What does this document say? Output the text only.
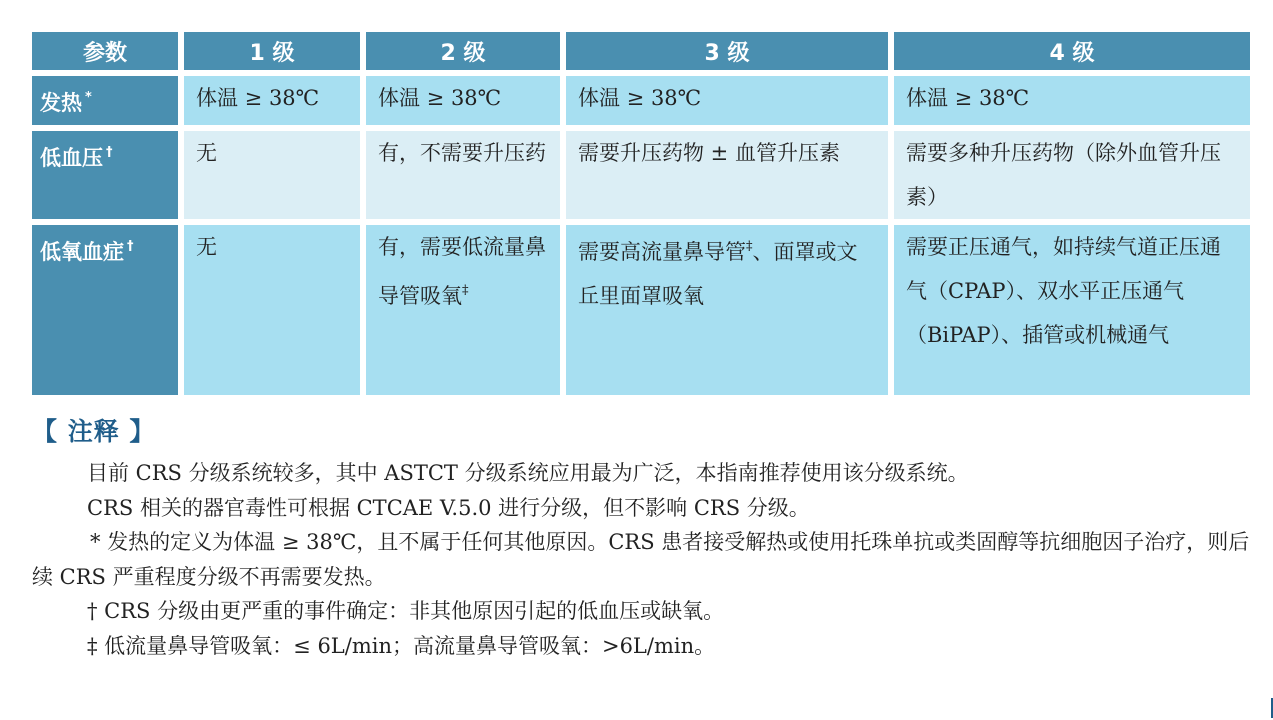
参数	1 级	2 级	3 级	4 级
发热 *	体温 ≥ 38℃	体温 ≥ 38℃	体温 ≥ 38℃	体温 ≥ 38℃
低血压 †	无	有，不需要升压药	需要升压药物 ± 血管升压素	需要多种升压药物（除外血管升压素）
低氧血症 †	无	有，需要低流量鼻导管吸氧‡	需要高流量鼻导管‡、面罩或文丘里面罩吸氧	需要正压通气，如持续气道正压通气（CPAP）、双水平正压通气（BiPAP）、插管或机械通气
【 注释 】

目前 CRS 分级系统较多，其中 ASTCT 分级系统应用最为广泛，本指南推荐使用该分级系统。

CRS 相关的器官毒性可根据 CTCAE V.5.0 进行分级，但不影响 CRS 分级。

* 发热的定义为体温 ≥ 38℃，且不属于任何其他原因。CRS 患者接受解热或使用托珠单抗或类固醇等抗细胞因子治疗，则后续 CRS 严重程度分级不再需要发热。

† CRS 分级由更严重的事件确定：非其他原因引起的低血压或缺氧。

‡ 低流量鼻导管吸氧：≤ 6L/min；高流量鼻导管吸氧：>6L/min。
